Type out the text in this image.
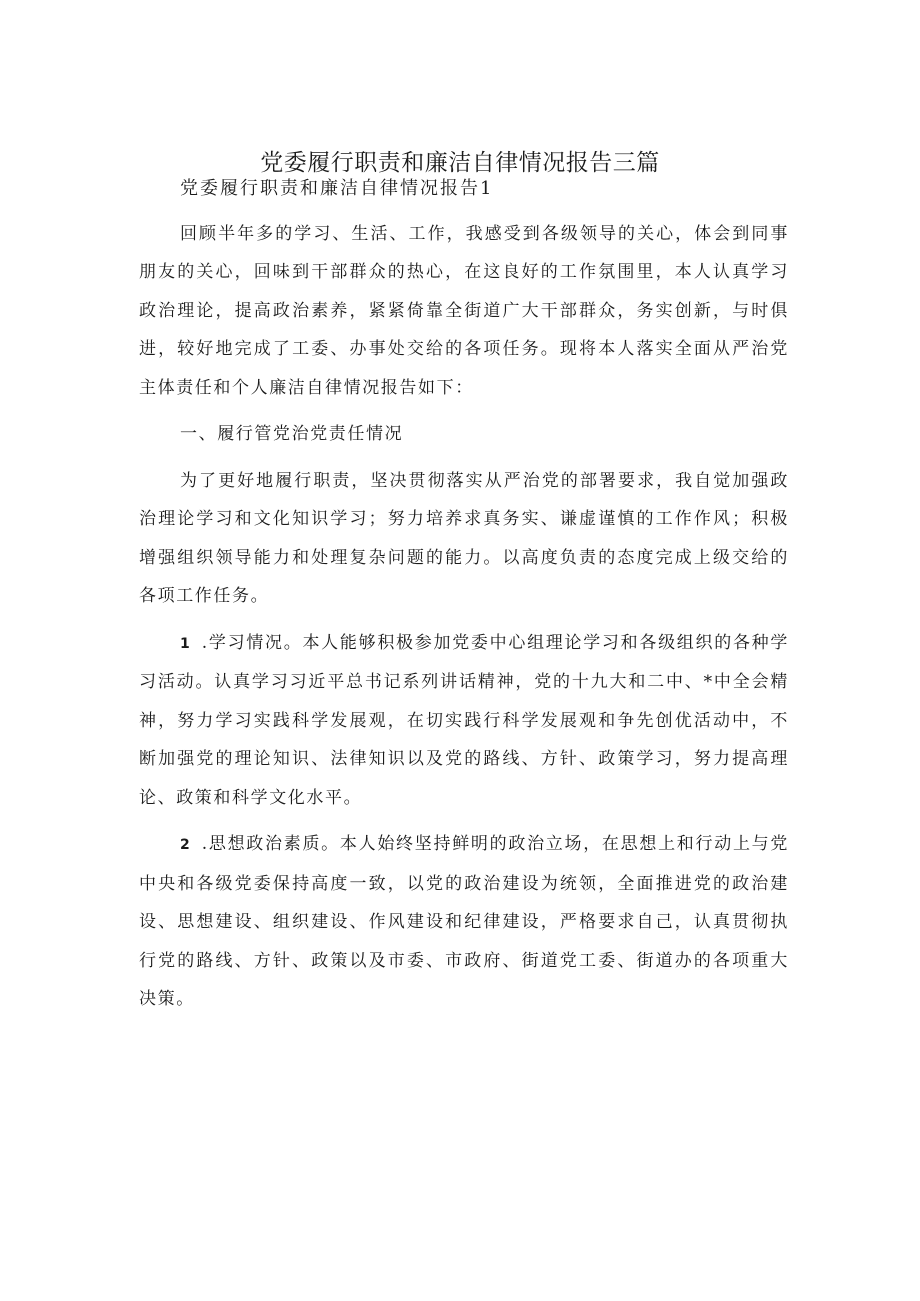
党委履行职责和廉洁自律情况报告三篇

党委履行职责和廉洁自律情况报告1

回顾半年多的学习、生活、工作，我感受到各级领导的关心，体会到同事朋友的关心，回味到干部群众的热心，在这良好的工作氛围里，本人认真学习政治理论，提高政治素养，紧紧倚靠全街道广大干部群众，务实创新，与时俱进，较好地完成了工委、办事处交给的各项任务。现将本人落实全面从严治党主体责任和个人廉洁自律情况报告如下：

一、履行管党治党责任情况

为了更好地履行职责，坚决贯彻落实从严治党的部署要求，我自觉加强政治理论学习和文化知识学习；努力培养求真务实、谦虚谨慎的工作作风；积极增强组织领导能力和处理复杂问题的能力。以高度负责的态度完成上级交给的各项工作任务。

1 .学习情况。本人能够积极参加党委中心组理论学习和各级组织的各种学习活动。认真学习习近平总书记系列讲话精神，党的十九大和二中、*中全会精神，努力学习实践科学发展观，在切实践行科学发展观和争先创优活动中，不断加强党的理论知识、法律知识以及党的路线、方针、政策学习，努力提高理论、政策和科学文化水平。

2 .思想政治素质。本人始终坚持鲜明的政治立场，在思想上和行动上与党中央和各级党委保持高度一致，以党的政治建设为统领，全面推进党的政治建设、思想建设、组织建设、作风建设和纪律建设，严格要求自己，认真贯彻执行党的路线、方针、政策以及市委、市政府、街道党工委、街道办的各项重大决策。
